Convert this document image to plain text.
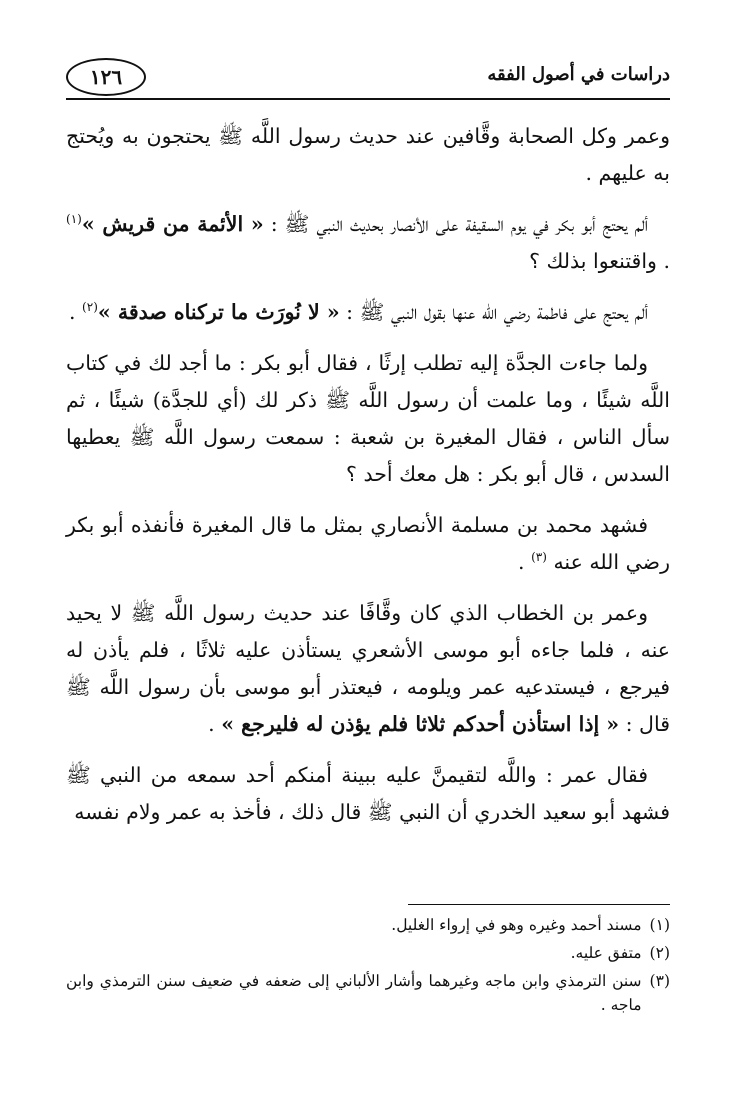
١٢٦	دراسات في أصول الفقه

وعمر وكل الصحابة وقَّافين عند حديث رسول اللَّه ﷺ يحتجون به ويُحتج به عليهم .

ألم يحتج أبو بكر في يوم السقيفة على الأنصار بحديث النبي ﷺ : « الأئمة من قريش »$^{(١)}$ . واقتنعوا بذلك ؟

ألم يحتج على فاطمة رضي الله عنها بقول النبي ﷺ : « لا نُورَث ما تركناه صدقة »$^{(٢)}$ .

ولما جاءت الجدَّة إليه تطلب إرثًا ، فقال أبو بكر : ما أجد لك في كتاب اللَّه شيئًا ، وما علمت أن رسول اللَّه ﷺ ذكر لك (أي للجدَّة) شيئًا ، ثم سأل الناس ، فقال المغيرة بن شعبة : سمعت رسول اللَّه ﷺ يعطيها السدس ، قال أبو بكر : هل معك أحد ؟

فشهد محمد بن مسلمة الأنصاري بمثل ما قال المغيرة فأنفذه أبو بكر رضي الله عنه $^{(٣)}$ .

وعمر بن الخطاب الذي كان وقَّافًا عند حديث رسول اللَّه ﷺ لا يحيد عنه ، فلما جاءه أبو موسى الأشعري يستأذن عليه ثلاثًا ، فلم يأذن له فيرجع ، فيستدعيه عمر ويلومه ، فيعتذر أبو موسى بأن رسول اللَّه ﷺ قال : « إذا استأذن أحدكم ثلاثا فلم يؤذن له فليرجع » .

فقال عمر : واللَّه لتقيمنَّ عليه ببينة أمنكم أحد سمعه من النبي ﷺ فشهد أبو سعيد الخدري أن النبي ﷺ قال ذلك ، فأخذ به عمر ولام نفسه

(١)
مسند أحمد وغيره وهو في إرواء الغليل.
(٢)
متفق عليه.
(٣)
سنن الترمذي وابن ماجه وغيرهما وأشار الألباني إلى ضعفه في ضعيف سنن الترمذي وابن ماجه .
